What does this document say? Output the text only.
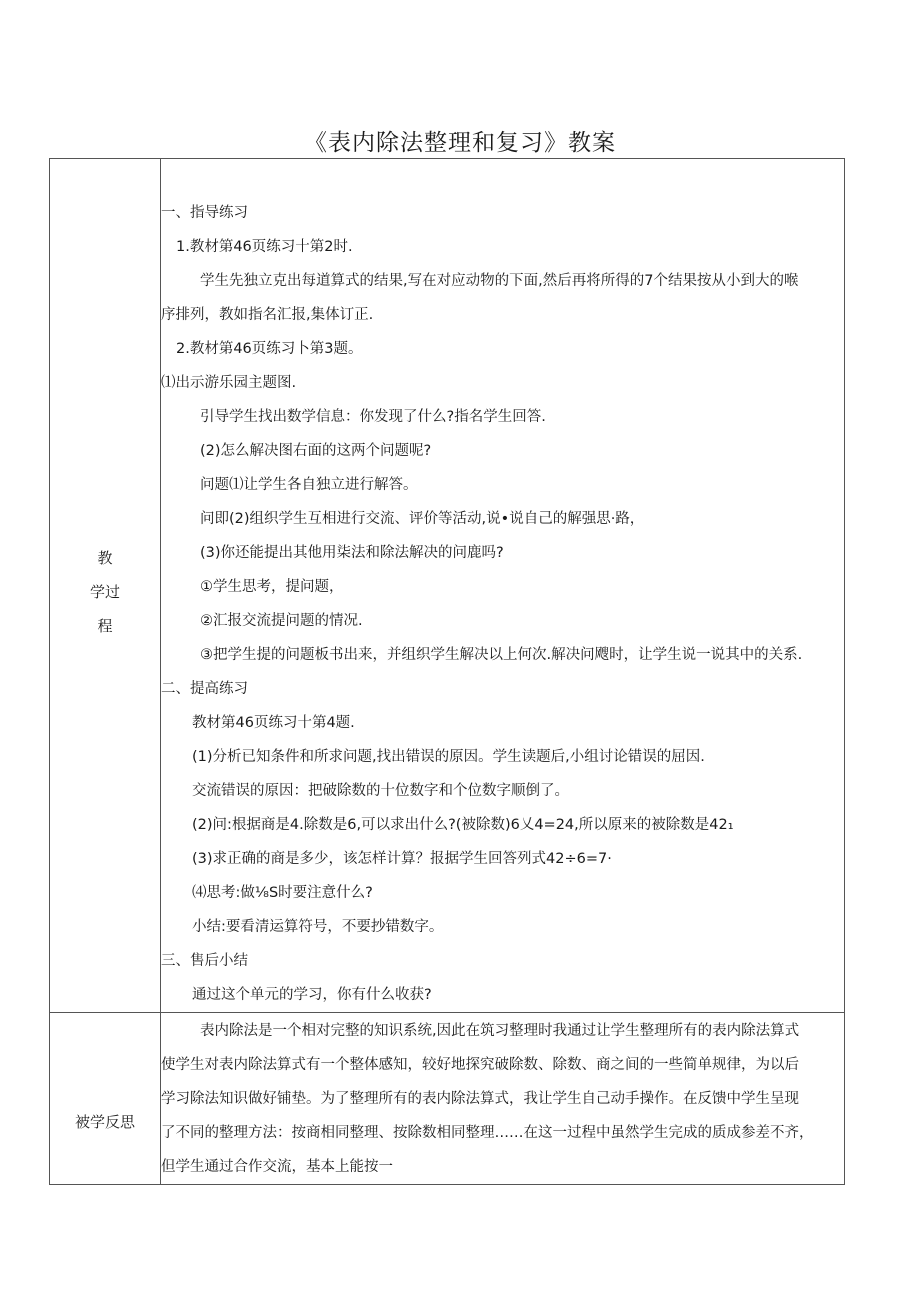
《表内除法整理和复习》教案
教
学过
程
被学反思
一、指导练习
1.教材第46页练习十第2时.
学生先独立克出每道算式的结果,写在对应动物的下面,然后再将所得的7个结果按从小到大的喉
序排列，教如指名汇报,集体订正.
2.教材第46页练习卜第3题。
⑴出示游乐园主题图.
引导学生找出数学信息：你发现了什么?指名学生回答.
(2)怎么解决图右面的这两个问题呢?
问题⑴让学生各自独立进行解答。
问即(2)组织学生互相进行交流、评价等活动,说•说自己的解强思·路，
(3)你还能提出其他用柒法和除法解决的问鹿吗?
①学生思考，提问题，
②汇报交流提问题的情况.
③把学生提的问题板书出来，并组织学生解决以上何次.解决问飕时，让学生说一说其中的关系.
二、提高练习
教材第46页练习十第4题.
(1)分析已知条件和所求问题,找出错误的原因。学生读题后,小组讨论错误的屈因.
交流错误的原因：把破除数的十位数字和个位数字顺倒了。
(2)问:根据商是4.除数是6,可以求出什么?(被除数)6乂4=24,所以原来的被除数是42₁
(3)求正确的商是多少，该怎样计算？报据学生回答列式42÷6=7·
⑷思考:做⅛S时要注意什么?
小结:要看清运算符号，不要抄错数字。
三、售后小结
通过这个单元的学习，你有什么收获?
表内除法是一个相对完整的知识系统,因此在筑习整理时我通过让学生整理所有的表内除法算式
使学生对表内除法算式有一个整体感知，较好地探究破除数、除数、商之间的一些简单规律，为以后
学习除法知识做好铺垫。为了整理所有的表内除法算式，我让学生自己动手操作。在反馈中学生呈现
了不同的整理方法：按商相同整理、按除数相同整理……在这一过程中虽然学生完成的质成参差不齐，
但学生通过合作交流，基本上能按一
